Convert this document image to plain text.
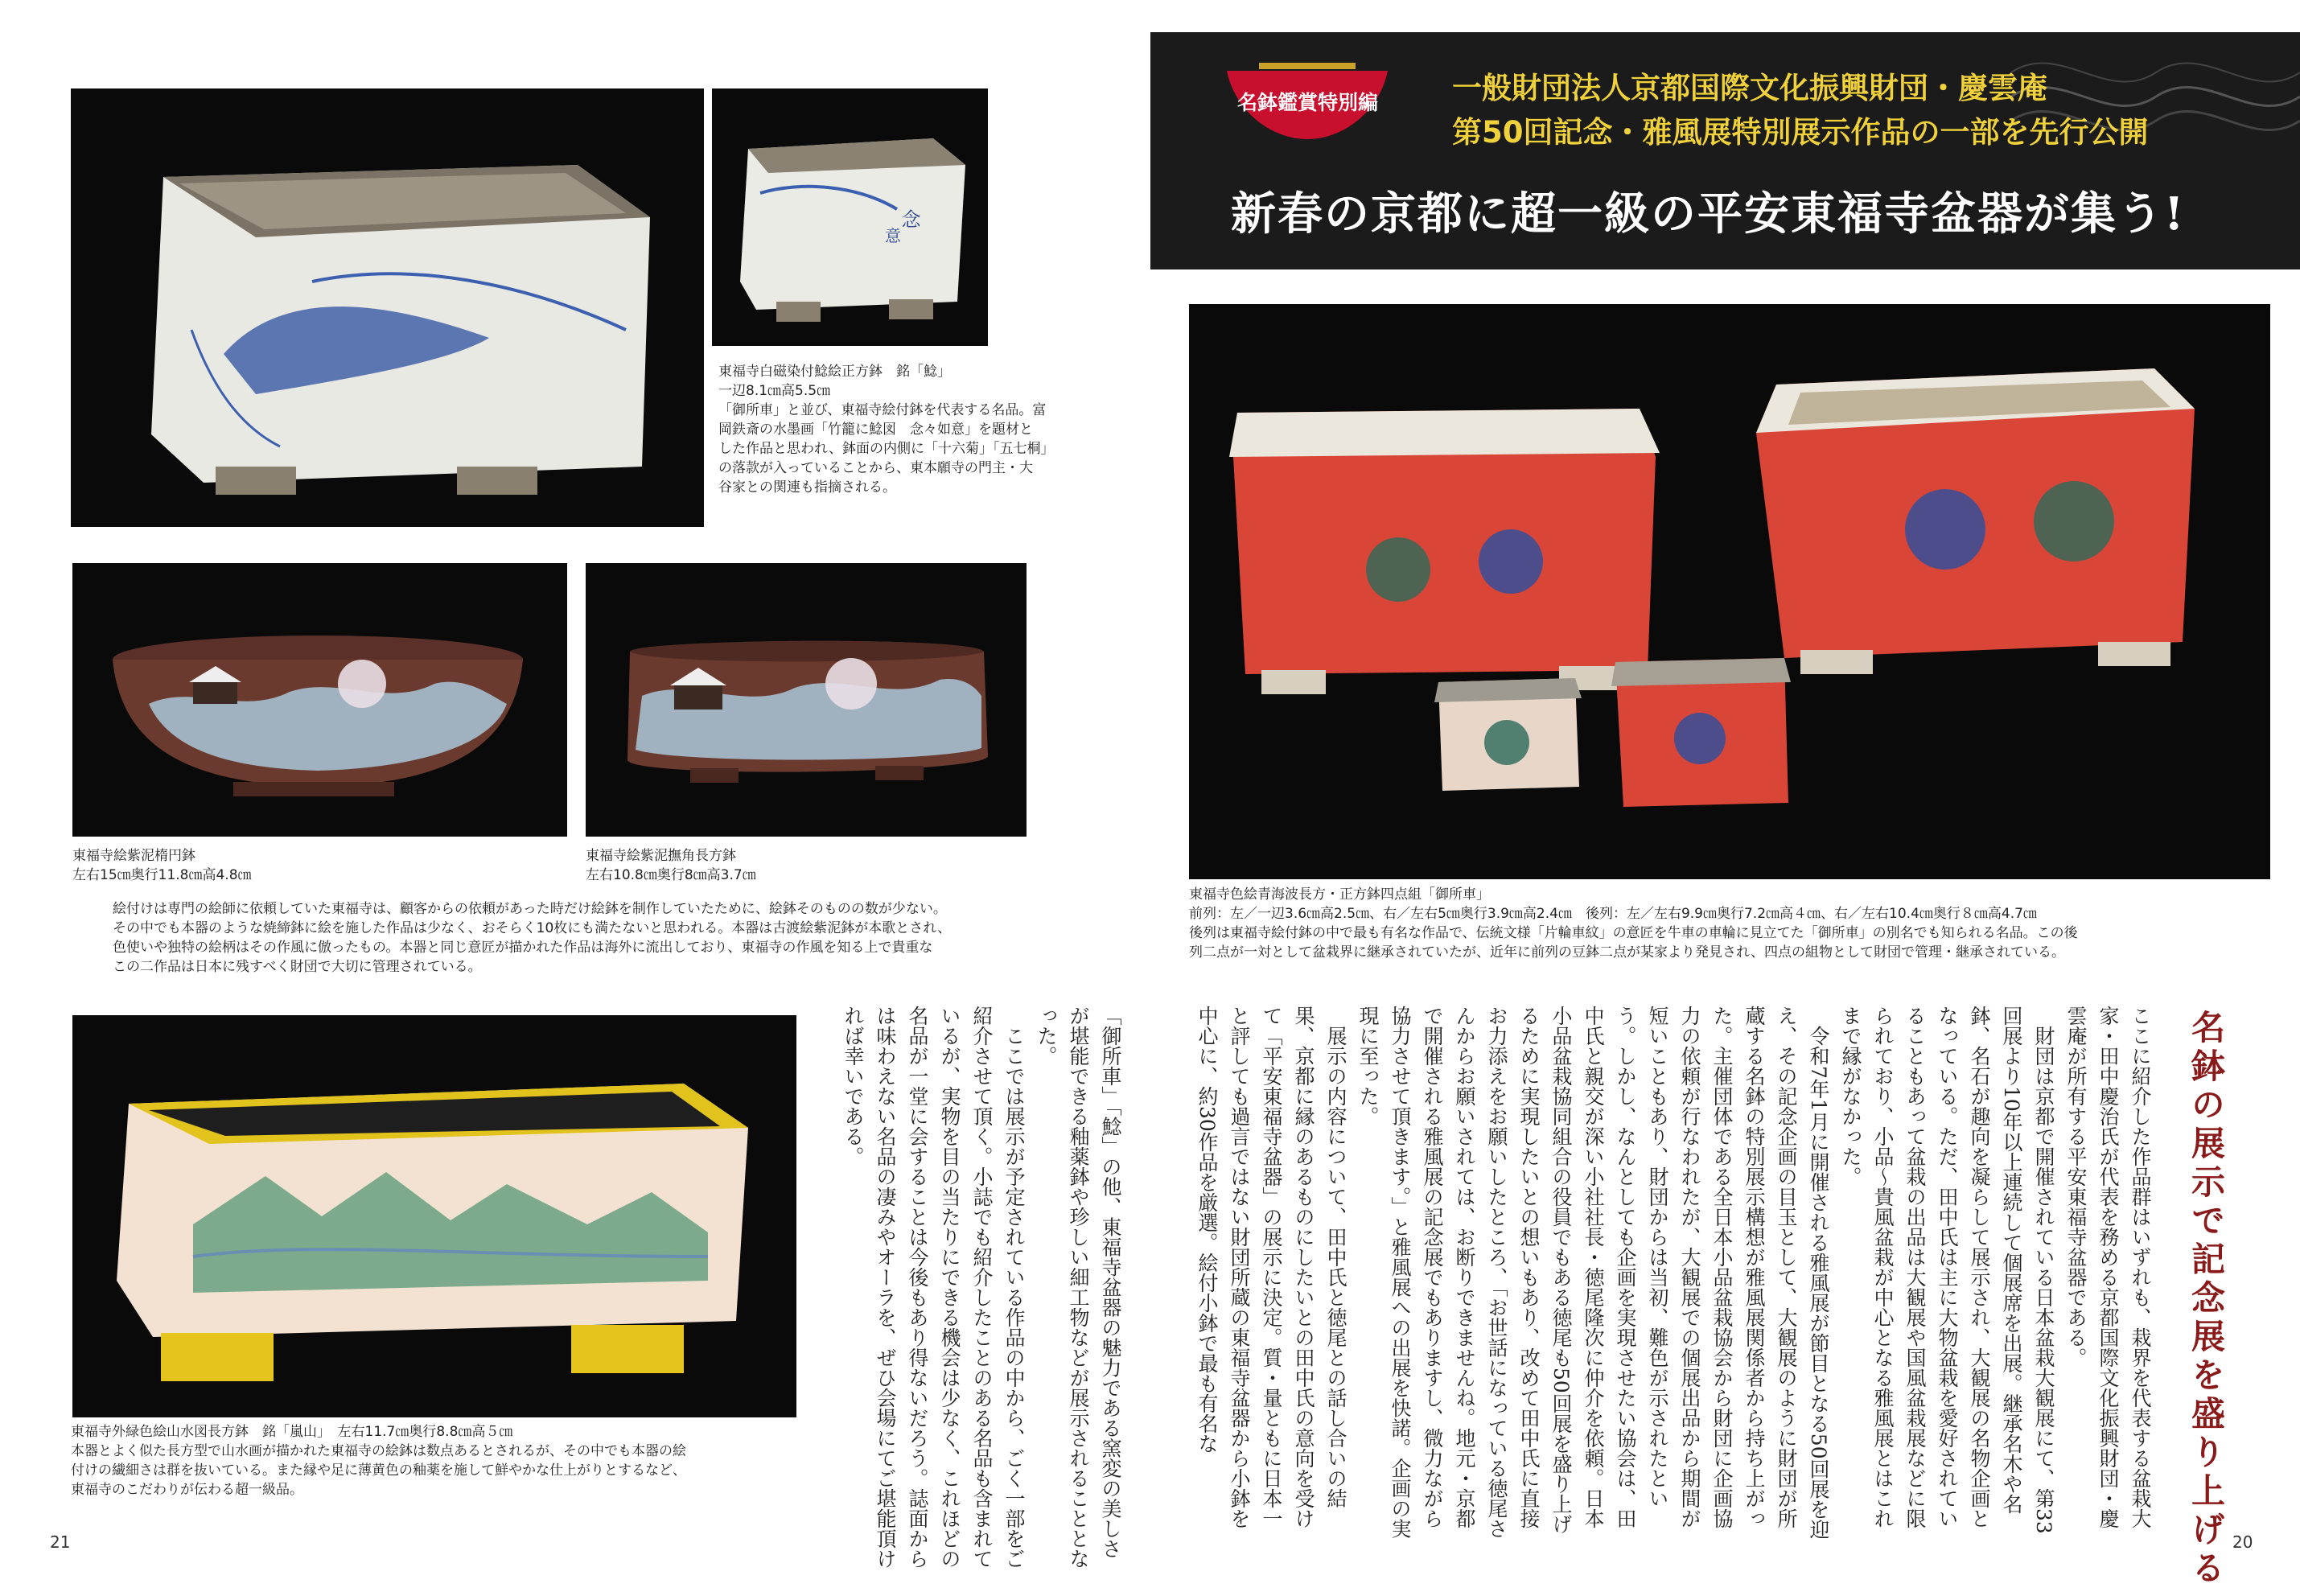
念
意
東福寺白磁染付鯰絵正方鉢　銘「鯰」
一辺8.1㎝高5.5㎝
「御所車」と並び、東福寺絵付鉢を代表する名品。富
岡鉄斎の水墨画「竹籠に鯰図　念々如意」を題材と
した作品と思われ、鉢面の内側に「十六菊」「五七桐」
の落款が入っていることから、東本願寺の門主・大
谷家との関連も指摘される。
東福寺絵紫泥楕円鉢
左右15㎝奥行11.8㎝高4.8㎝
東福寺絵紫泥撫角長方鉢
左右10.8㎝奥行8㎝高3.7㎝
絵付けは専門の絵師に依頼していた東福寺は、顧客からの依頼があった時だけ絵鉢を制作していたために、絵鉢そのものの数が少ない。
その中でも本器のような焼締鉢に絵を施した作品は少なく、おそらく10枚にも満たないと思われる。本器は古渡絵紫泥鉢が本歌とされ、
色使いや独特の絵柄はその作風に倣ったもの。本器と同じ意匠が描かれた作品は海外に流出しており、東福寺の作風を知る上で貴重な
この二作品は日本に残すべく財団で大切に管理されている。
東福寺外緑色絵山水図長方鉢　銘「嵐山」　左右11.7㎝奥行8.8㎝高５㎝
本器とよく似た長方型で山水画が描かれた東福寺の絵鉢は数点あるとされるが、その中でも本器の絵
付けの繊細さは群を抜いている。また縁や足に薄黄色の釉薬を施して鮮やかな仕上がりとするなど、
東福寺のこだわりが伝わる超一級品。	「御所車」「鯰」の他、東福寺盆器の魅力である窯変の美しさが堪能できる釉薬鉢や珍しい細工物などが展示されることとなった。
　ここでは展示が予定されている作品の中から、ごく一部をご紹介させて頂く。小誌でも紹介したことのある名品も含まれているが、実物を目の当たりにできる機会は少なく、これほどの名品が一堂に会することは今後もあり得ないだろう。誌面からは味わえない名品の凄みやオーラを、ぜひ会場にてご堪能頂ければ幸いである。
21
名鉢鑑賞特別編 一般財団法人京都国際文化振興財団・慶雲庵
第50回記念・雅風展特別展示作品の一部を先行公開
新春の京都に超一級の平安東福寺盆器が集う!
東福寺色絵青海波長方・正方鉢四点組「御所車」
前列：左／一辺3.6㎝高2.5㎝、右／左右5㎝奥行3.9㎝高2.4㎝　後列：左／左右9.9㎝奥行7.2㎝高４㎝、右／左右10.4㎝奥行８㎝高4.7㎝
後列は東福寺絵付鉢の中で最も有名な作品で、伝統文様「片輪車紋」の意匠を牛車の車輪に見立てた「御所車」の別名でも知られる名品。この後
列二点が一対として盆栽界に継承されていたが、近年に前列の豆鉢二点が某家より発見され、四点の組物として財団で管理・継承されている。
名鉢の展示で記念展を盛り上げる
ここに紹介した作品群はいずれも、栽界を代表する盆栽大家・田中慶治氏が代表を務める京都国際文化振興財団・慶雲庵が所有する平安東福寺盆器である。
　財団は京都で開催されている日本盆栽大観展にて、第33回展より10年以上連続して個展席を出展。継承名木や名鉢、名石が趣向を凝らして展示され、大観展の名物企画となっている。ただ、田中氏は主に大物盆栽を愛好されていることもあって盆栽の出品は大観展や国風盆栽展などに限られており、小品〜貴風盆栽が中心となる雅風展とはこれまで縁がなかった。
　令和7年1月に開催される雅風展が節目となる50回展を迎え、その記念企画の目玉として、大観展のように財団が所蔵する名鉢の特別展示構想が雅風展関係者から持ち上がった。主催団体である全日本小品盆栽協会から財団に企画協力の依頼が行なわれたが、大観展での個展出品から期間が短いこともあり、財団からは当初、難色が示されたという。しかし、なんとしても企画を実現させたい協会は、田中氏と親交が深い小社社長・徳尾隆次に仲介を依頼。日本小品盆栽協同組合の役員でもある徳尾も50回展を盛り上げるために実現したいとの想いもあり、改めて田中氏に直接お力添えをお願いしたところ、「お世話になっている徳尾さんからお願いされては、お断りできませんね。地元・京都で開催される雅風展の記念展でもありますし、微力ながら協力させて頂きます。」と雅風展への出展を快諾。企画の実現に至った。
　展示の内容について、田中氏と徳尾との話し合いの結果、京都に縁のあるものにしたいとの田中氏の意向を受けて「平安東福寺盆器」の展示に決定。質・量ともに日本一と評しても過言ではない財団所蔵の東福寺盆器から小鉢を中心に、約30作品を厳選。絵付小鉢で最も有名な
20
